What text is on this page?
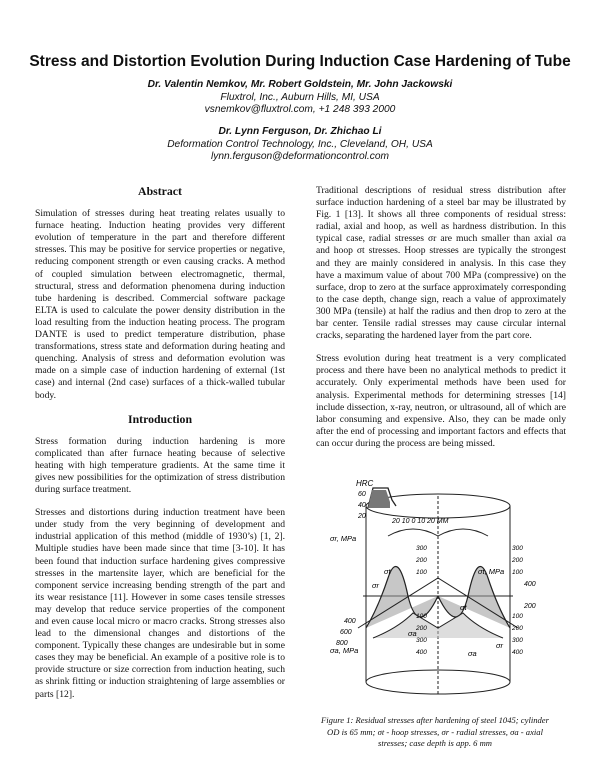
Stress and Distortion Evolution During Induction Case Hardening of Tube
Dr. Valentin Nemkov, Mr. Robert Goldstein, Mr. John Jackowski
Fluxtrol, Inc., Auburn Hills, MI, USA
vsnemkov@fluxtrol.com, +1 248 393 2000
Dr. Lynn Ferguson, Dr. Zhichao Li
Deformation Control Technology, Inc., Cleveland, OH, USA
lynn.ferguson@deformationcontrol.com
Abstract

Simulation of stresses during heat treating relates usually to furnace heating. Induction heating provides very different evolution of temperature in the part and therefore different stresses. This may be positive for service properties or negative, reducing component strength or even causing cracks. A method of coupled simulation between electromagnetic, thermal, structural, stress and deformation phenomena during induction tube hardening is described. Commercial software package ELTA is used to calculate the power density distribution in the load resulting from the induction heating process. The program DANTE is used to predict temperature distribution, phase transformations, stress state and deformation during heating and quenching. Analysis of stress and deformation evolution was made on a simple case of induction hardening of external (1st case) and internal (2nd case) surfaces of a thick-walled tubular body.

Introduction

Stress formation during induction hardening is more complicated than after furnace heating because of selective heating with high temperature gradients. At the same time it gives new possibilities for the optimization of stress distribution during surface treatment.

Stresses and distortions during induction treatment have been under study from the very beginning of development and industrial application of this method (middle of 1930’s) [1, 2]. Multiple studies have been made since that time [3-10]. It has been found that induction surface hardening gives compressive stresses in the martensite layer, which are beneficial for the component service increasing bending strength of the part and its wear resistance [11]. However in some cases tensile stresses may develop that reduce service properties of the component and even cause local micro or macro cracks. Strong stresses also lead to the dimensional changes and distortions of the component. Typically these changes are undesirable but in some cases they may be beneficial. An example of a positive role is to provide structure or size correction from induction heating, such as shrink fitting or induction straightening of large assemblies or parts [12].

Traditional descriptions of residual stress distribution after surface induction hardening of a steel bar may be illustrated by Fig. 1 [13]. It shows all three components of residual stress: radial, axial and hoop, as well as hardness distribution. In this typical case, radial stresses σr are much smaller than axial σa and hoop σt stresses. Hoop stresses are typically the strongest and they are mainly considered in analysis. In this case they have a maximum value of about 700 MPa (compressive) on the surface, drop to zero at the surface approximately corresponding to the case depth, change sign, reach a value of approximately 300 MPa (tensile) at half the radius and then drop to zero at the bar center. Tensile radial stresses may cause circular internal cracks, separating the hardened layer from the part core.

Stress evolution during heat treatment is a very complicated process and there have been no analytical methods to predict it accurately. Only experimental methods have been used for analysis. Experimental methods for determining stresses [14] include dissection, x-ray, neutron, or ultrasound, all of which are labor consuming and expensive. Also, they can be made only after the end of processing and important factors and effects that can occur during the process are being missed.

HRC
60
40
20
20 10 0 10 20 MM
σr, MPa
σt
σr
σa
σt, MPa
σt
σa
σa, MPa
σr
400
600
800
300
200
100
100
200
300
400
300
200
100
100
200
300
400
400
200
Figure 1: Residual stresses after hardening of steel 1045; cylinder OD is 65 mm; σt - hoop stresses, σr - radial stresses, σa - axial stresses; case depth is app. 6 mm
